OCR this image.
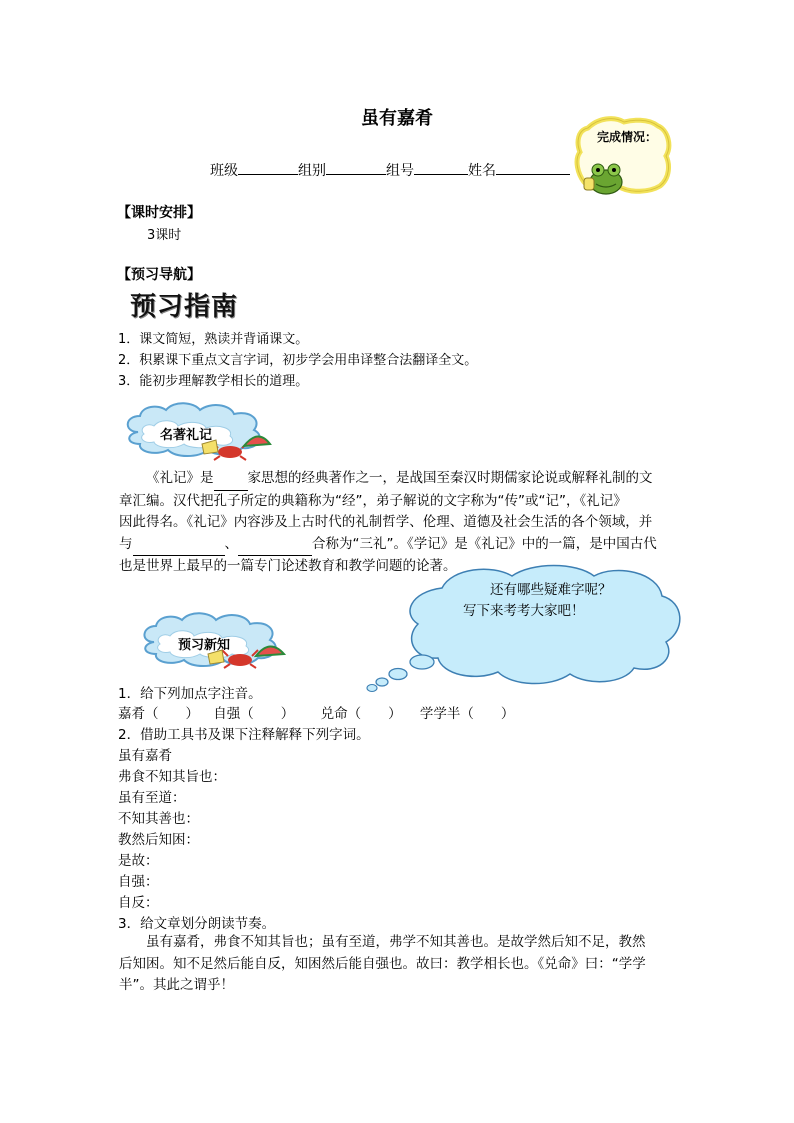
虽有嘉肴
班级	组别	组号	姓名
完成情况：
【课时安排】
3课时
【预习导航】
预习指南
1．课文简短，熟读并背诵课文。
2．积累课下重点文言字词，初步学会用串译整合法翻译全文。
3．能初步理解教学相长的道理。
名著礼记

《礼记》是	家思想的经典著作之一，是战国至秦汉时期儒家论说或解释礼制的文

章汇编。汉代把孔子所定的典籍称为“经”，弟子解说的文字称为“传”或“记”，《礼记》

因此得名。《礼记》内容涉及上古时代的礼制哲学、伦理、道德及社会生活的各个领域，并

与	、	合称为“三礼”。《学记》是《礼记》中的一篇，是中国古代

也是世界上最早的一篇专门论述教育和教学问题的论著。

还有哪些疑难字呢？
写下来考考大家吧！
预习新知
1．给下列加点字注音。
嘉肴（　　） 自强（　　） 兑命（　　） 学学半（　　）
2．借助工具书及课下注释解释下列字词。
虽有嘉肴
弗食不知其旨也：
虽有至道：
不知其善也：
教然后知困：
是故：
自强：
自反：
3．给文章划分朗读节奏。

虽有嘉肴，弗食不知其旨也；虽有至道，弗学不知其善也。是故学然后知不足，教然

后知困。知不足然后能自反，知困然后能自强也。故曰：教学相长也。《兑命》曰：“学学

半”。其此之谓乎！
